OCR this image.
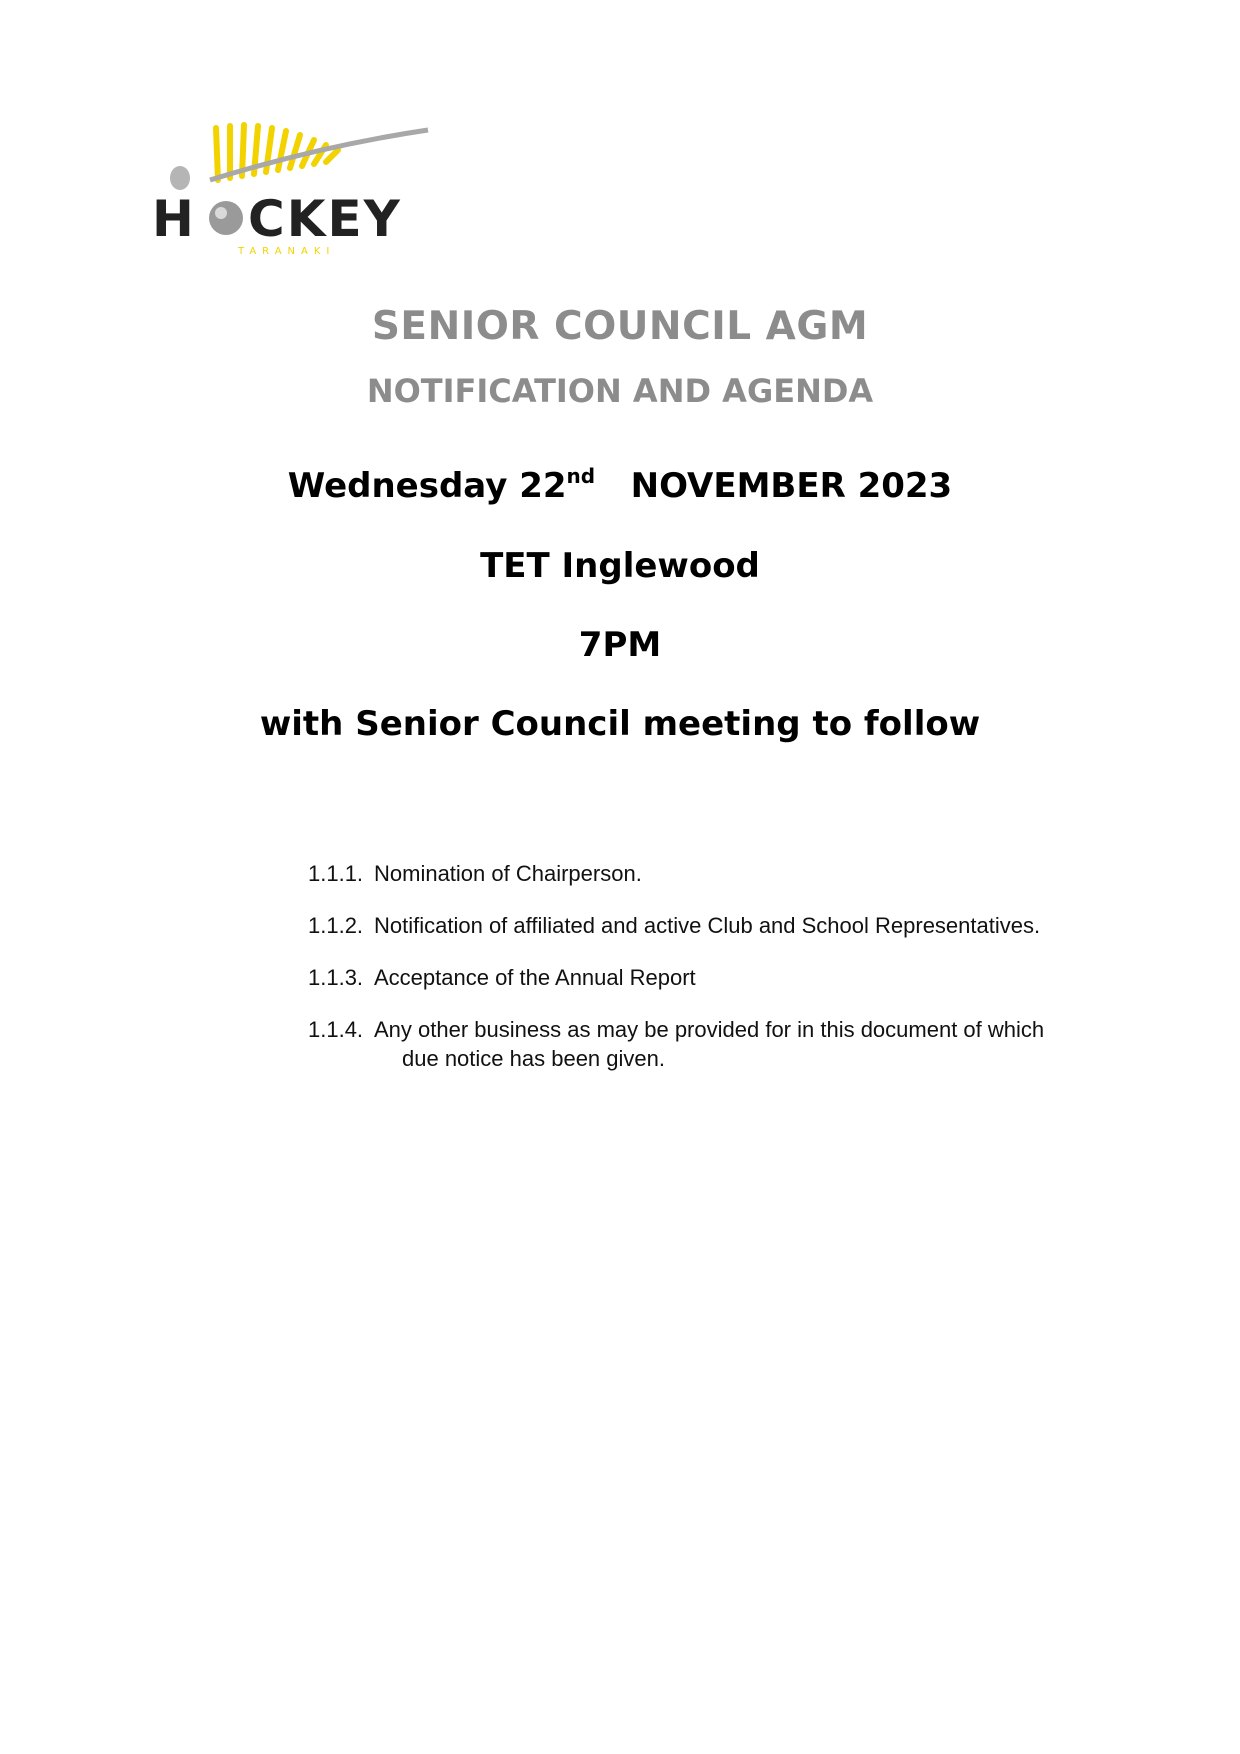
H CKEY
TARANAKI
SENIOR COUNCIL AGM
NOTIFICATION AND AGENDA
Wednesday 22nd NOVEMBER 2023
TET Inglewood
7PM
with Senior Council meeting to follow
1.1.1. Nomination of Chairperson.
1.1.2. Notification of affiliated and active Club and School Representatives.
1.1.3. Acceptance of the Annual Report
1.1.4. Any other business as may be provided for in this document of which
due notice has been given.
